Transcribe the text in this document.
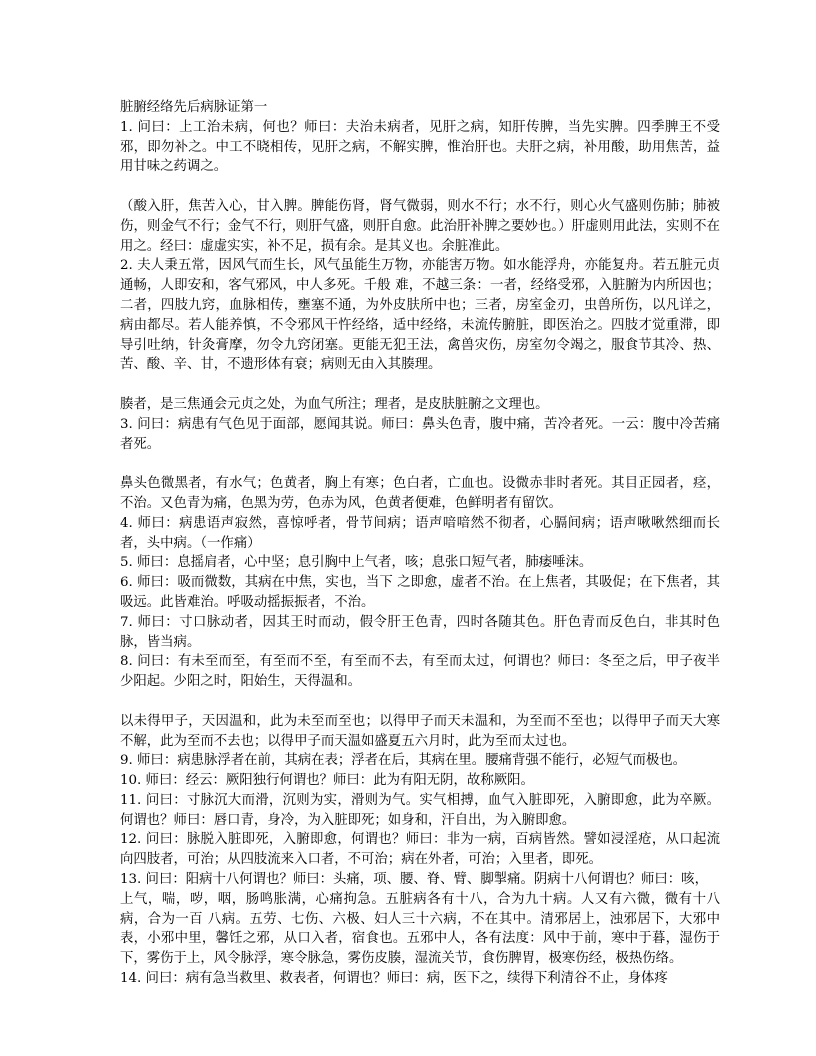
脏腑经络先后病脉证第一
1. 问曰：上工治未病，何也？师曰：夫治未病者，见肝之病，知肝传脾，当先实脾。四季脾王不受邪，即勿补之。中工不晓相传，见肝之病，不解实脾，惟治肝也。夫肝之病，补用酸，助用焦苦，益用甘味之药调之。
（酸入肝，焦苦入心，甘入脾。脾能伤肾，肾气微弱，则水不行；水不行，则心火气盛则伤肺；肺被伤，则金气不行；金气不行，则肝气盛，则肝自愈。此治肝补脾之要妙也。）肝虚则用此法，实则不在用之。经曰：虚虚实实，补不足，损有余。是其义也。余脏准此。
2. 夫人秉五常，因风气而生长，风气虽能生万物，亦能害万物。如水能浮舟，亦能复舟。若五脏元贞通畅，人即安和，客气邪风，中人多死。千般 难，不越三条：一者，经络受邪，入脏腑为内所因也；二者，四肢九窍，血脉相传，壅塞不通，为外皮肤所中也；三者，房室金刃，虫兽所伤，以凡详之，病由都尽。若人能养慎，不令邪风干忤经络，适中经络，未流传腑脏，即医治之。四肢才觉重滞，即导引吐纳，针灸膏摩，勿令九窍闭塞。更能无犯王法，禽兽灾伤，房室勿令竭之，服食节其冷、热、苦、酸、辛、甘，不遗形体有衰；病则无由入其腠理。
腠者，是三焦通会元贞之处，为血气所注；理者，是皮肤脏腑之文理也。
3. 问曰：病患有气色见于面部，愿闻其说。师曰：鼻头色青，腹中痛，苦冷者死。一云：腹中冷苦痛者死。
鼻头色微黑者，有水气；色黄者，胸上有寒；色白者，亡血也。设微赤非时者死。其目正园者，痉，不治。又色青为痛，色黑为劳，色赤为风，色黄者便难，色鲜明者有留饮。
4. 师曰：病患语声寂然，喜惊呼者，骨节间病；语声喑喑然不彻者，心膈间病；语声啾啾然细而长者，头中病。（一作痛）
5. 师曰：息摇肩者，心中坚；息引胸中上气者，咳；息张口短气者，肺痿唾沫。
6. 师曰：吸而微数，其病在中焦，实也，当下 之即愈，虚者不治。在上焦者，其吸促；在下焦者，其吸远。此皆难治。呼吸动摇振振者，不治。
7. 师曰：寸口脉动者，因其王时而动，假令肝王色青，四时各随其色。肝色青而反色白，非其时色脉，皆当病。
8. 问曰：有未至而至，有至而不至，有至而不去，有至而太过，何谓也？师曰：冬至之后，甲子夜半少阳起。少阳之时，阳始生，天得温和。
以未得甲子，天因温和，此为未至而至也；以得甲子而天未温和，为至而不至也；以得甲子而天大寒不解，此为至而不去也；以得甲子而天温如盛夏五六月时，此为至而太过也。
9. 师曰：病患脉浮者在前，其病在表；浮者在后，其病在里。腰痛背强不能行，必短气而极也。
10. 师曰：经云：厥阳独行何谓也？师曰：此为有阳无阴，故称厥阳。
11. 问曰：寸脉沉大而滑，沉则为实，滑则为气。实气相搏，血气入脏即死，入腑即愈，此为卒厥。何谓也？师曰：唇口青，身冷，为入脏即死；如身和，汗自出，为入腑即愈。
12. 问曰：脉脱入脏即死，入腑即愈，何谓也？师曰：非为一病，百病皆然。譬如浸淫疮，从口起流向四肢者，可治；从四肢流来入口者，不可治；病在外者，可治；入里者，即死。
13. 问曰：阳病十八何谓也？师曰：头痛，项、腰、脊、臂、脚掣痛。阴病十八何谓也？师曰：咳，
上气，喘，哕，咽，肠鸣胀满，心痛拘急。五脏病各有十八，合为九十病。人又有六微，微有十八病，合为一百 八病。五劳、七伤、六极、妇人三十六病，不在其中。清邪居上，浊邪居下，大邪中表，小邪中里，馨饪之邪，从口入者，宿食也。五邪中人，各有法度：风中于前，寒中于暮，湿伤于下，雾伤于上，风令脉浮，寒令脉急，雾伤皮腠，湿流关节，食伤脾胃，极寒伤经，极热伤络。
14. 问曰：病有急当救里、救表者，何谓也？师曰：病，医下之，续得下利清谷不止，身体疼
